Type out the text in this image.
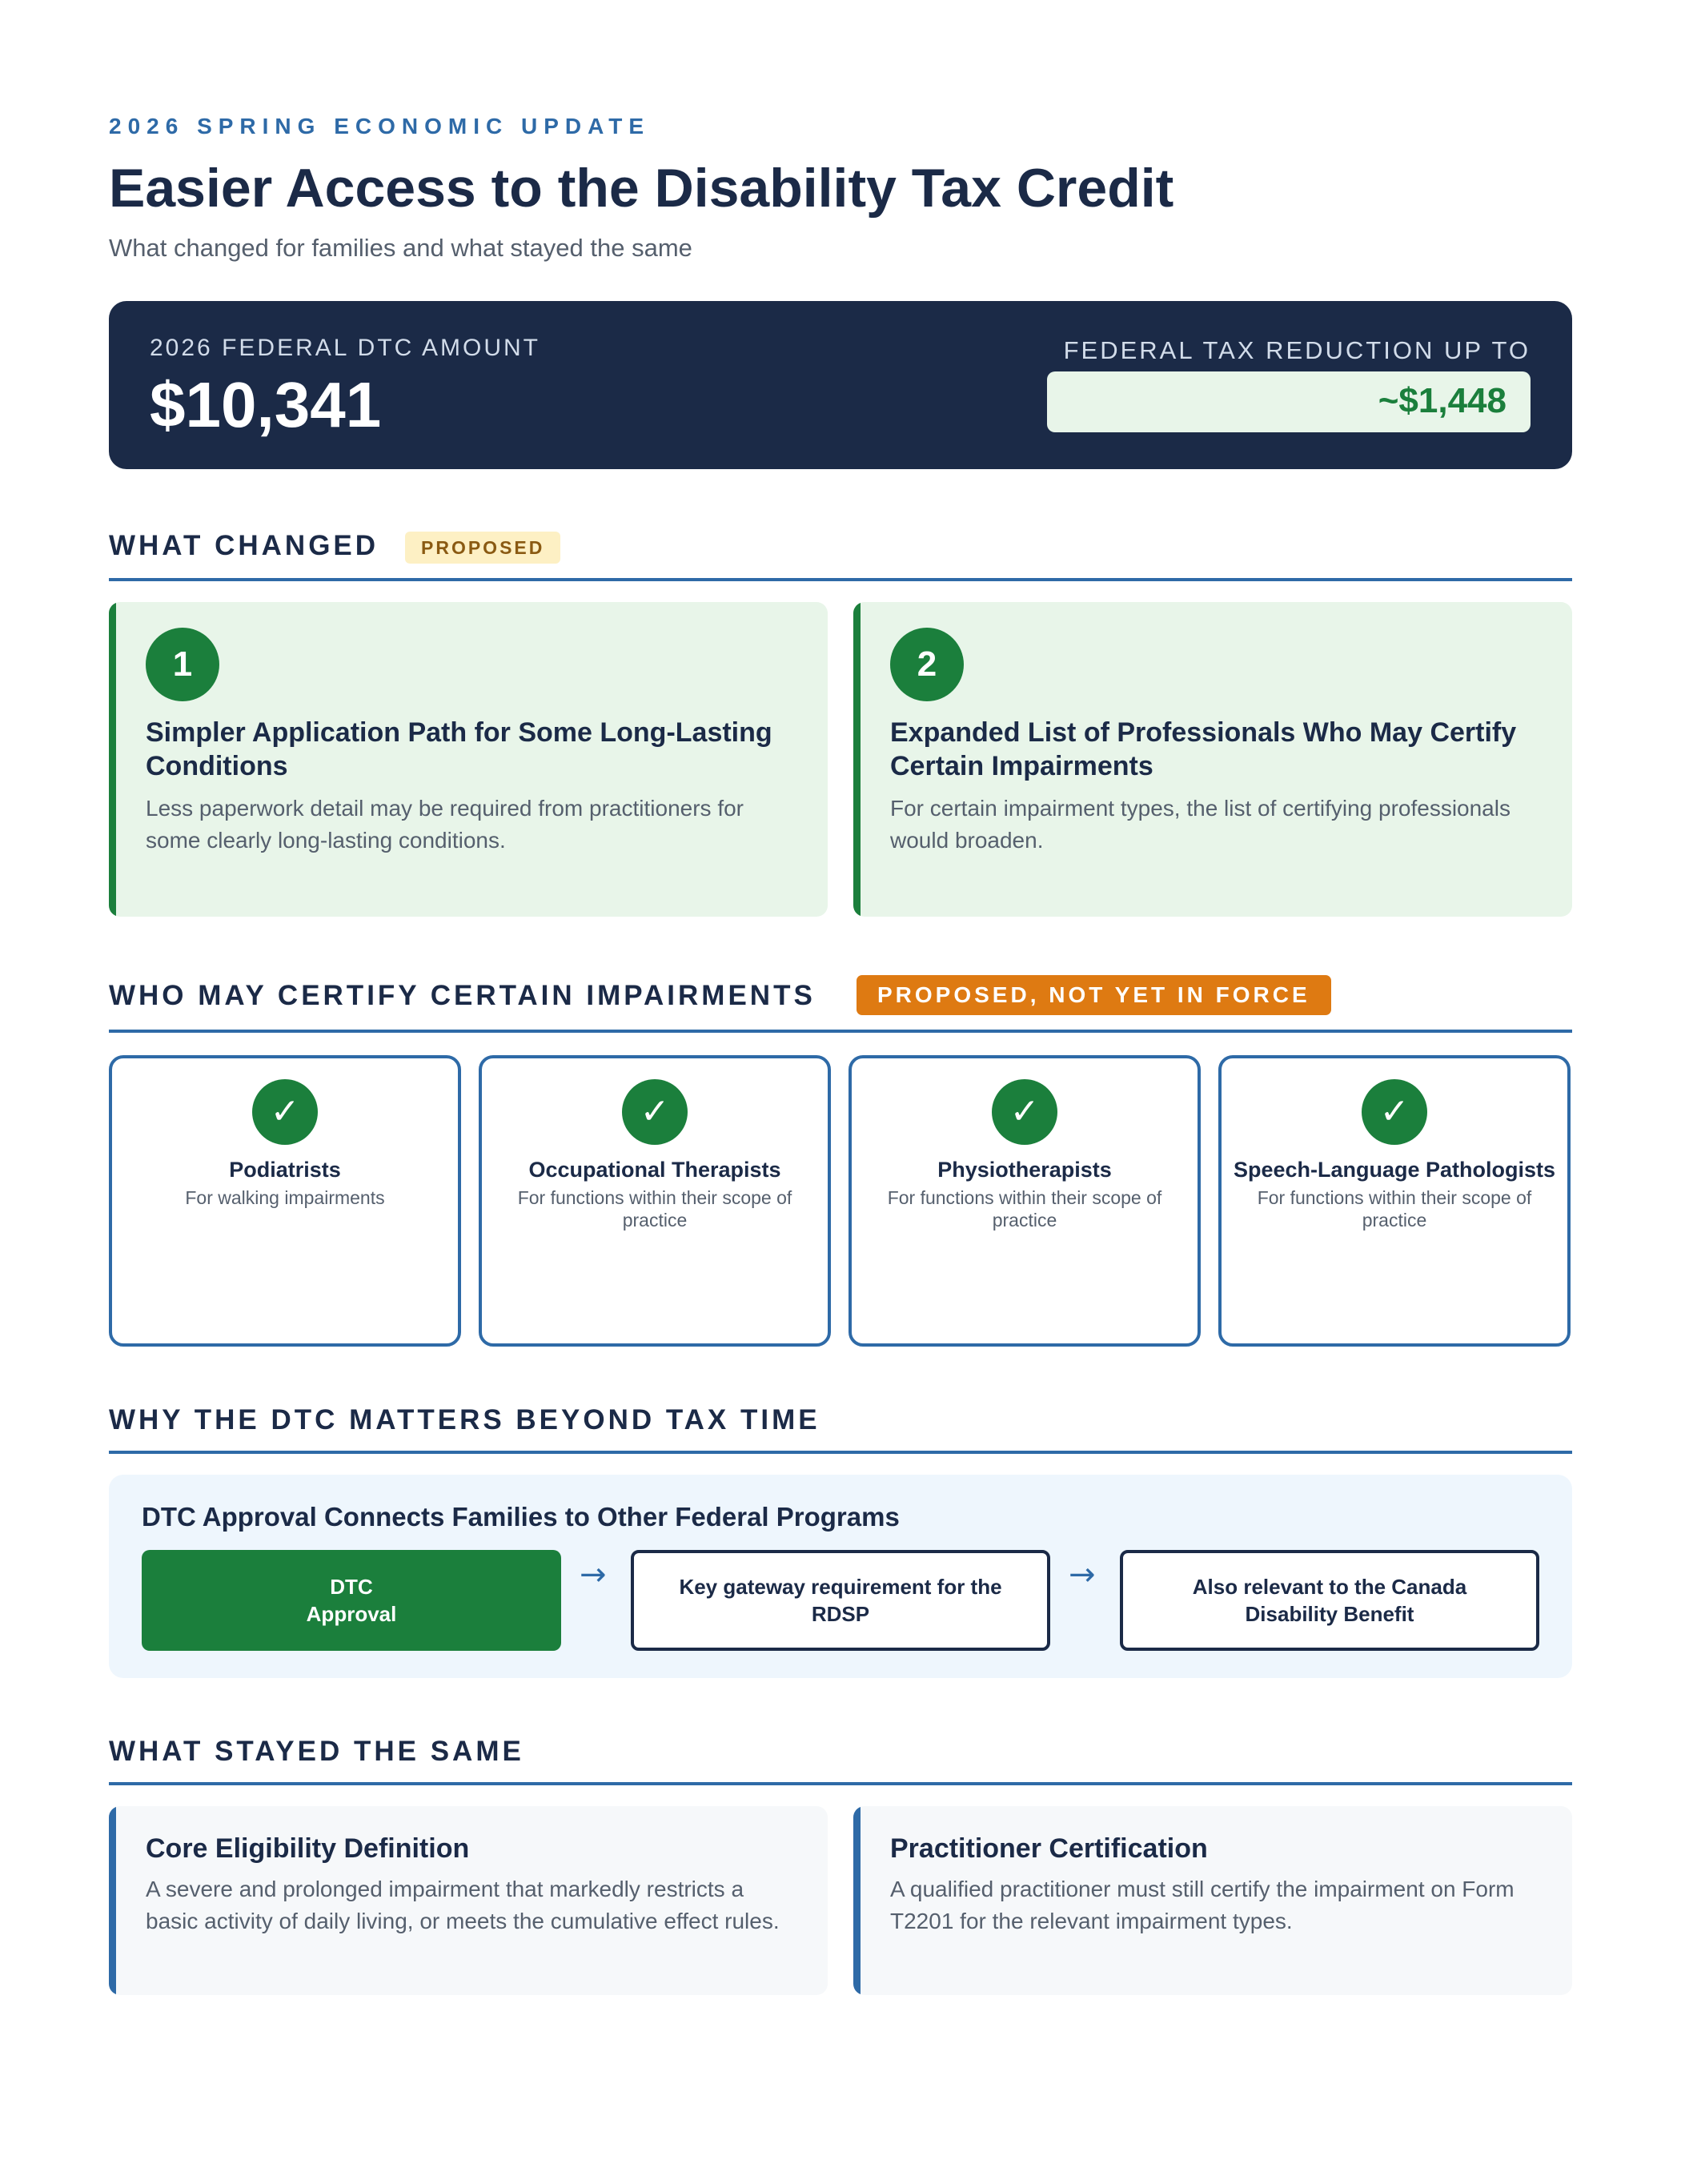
2026 SPRING ECONOMIC UPDATE
Easier Access to the Disability Tax Credit
What changed for families and what stayed the same
2026 FEDERAL DTC AMOUNT
$10,341
FEDERAL TAX REDUCTION UP TO
~$1,448
WHAT CHANGED	PROPOSED
1
Simpler Application Path for Some Long-Lasting Conditions
Less paperwork detail may be required from practitioners for some clearly long-lasting conditions.
2
Expanded List of Professionals Who May Certify Certain Impairments
For certain impairment types, the list of certifying professionals would broaden.
WHO MAY CERTIFY CERTAIN IMPAIRMENTS	PROPOSED, NOT YET IN FORCE
✓
Podiatrists
For walking impairments
✓
Occupational Therapists
For functions within their scope of practice
✓
Physiotherapists
For functions within their scope of practice
✓
Speech-Language Pathologists
For functions within their scope of practice
WHY THE DTC MATTERS BEYOND TAX TIME
DTC Approval Connects Families to Other Federal Programs
DTC
Approval
→	Key gateway requirement for the RDSP
→	Also relevant to the Canada Disability Benefit
WHAT STAYED THE SAME
Core Eligibility Definition
A severe and prolonged impairment that markedly restricts a basic activity of daily living, or meets the cumulative effect rules.
Practitioner Certification
A qualified practitioner must still certify the impairment on Form T2201 for the relevant impairment types.
